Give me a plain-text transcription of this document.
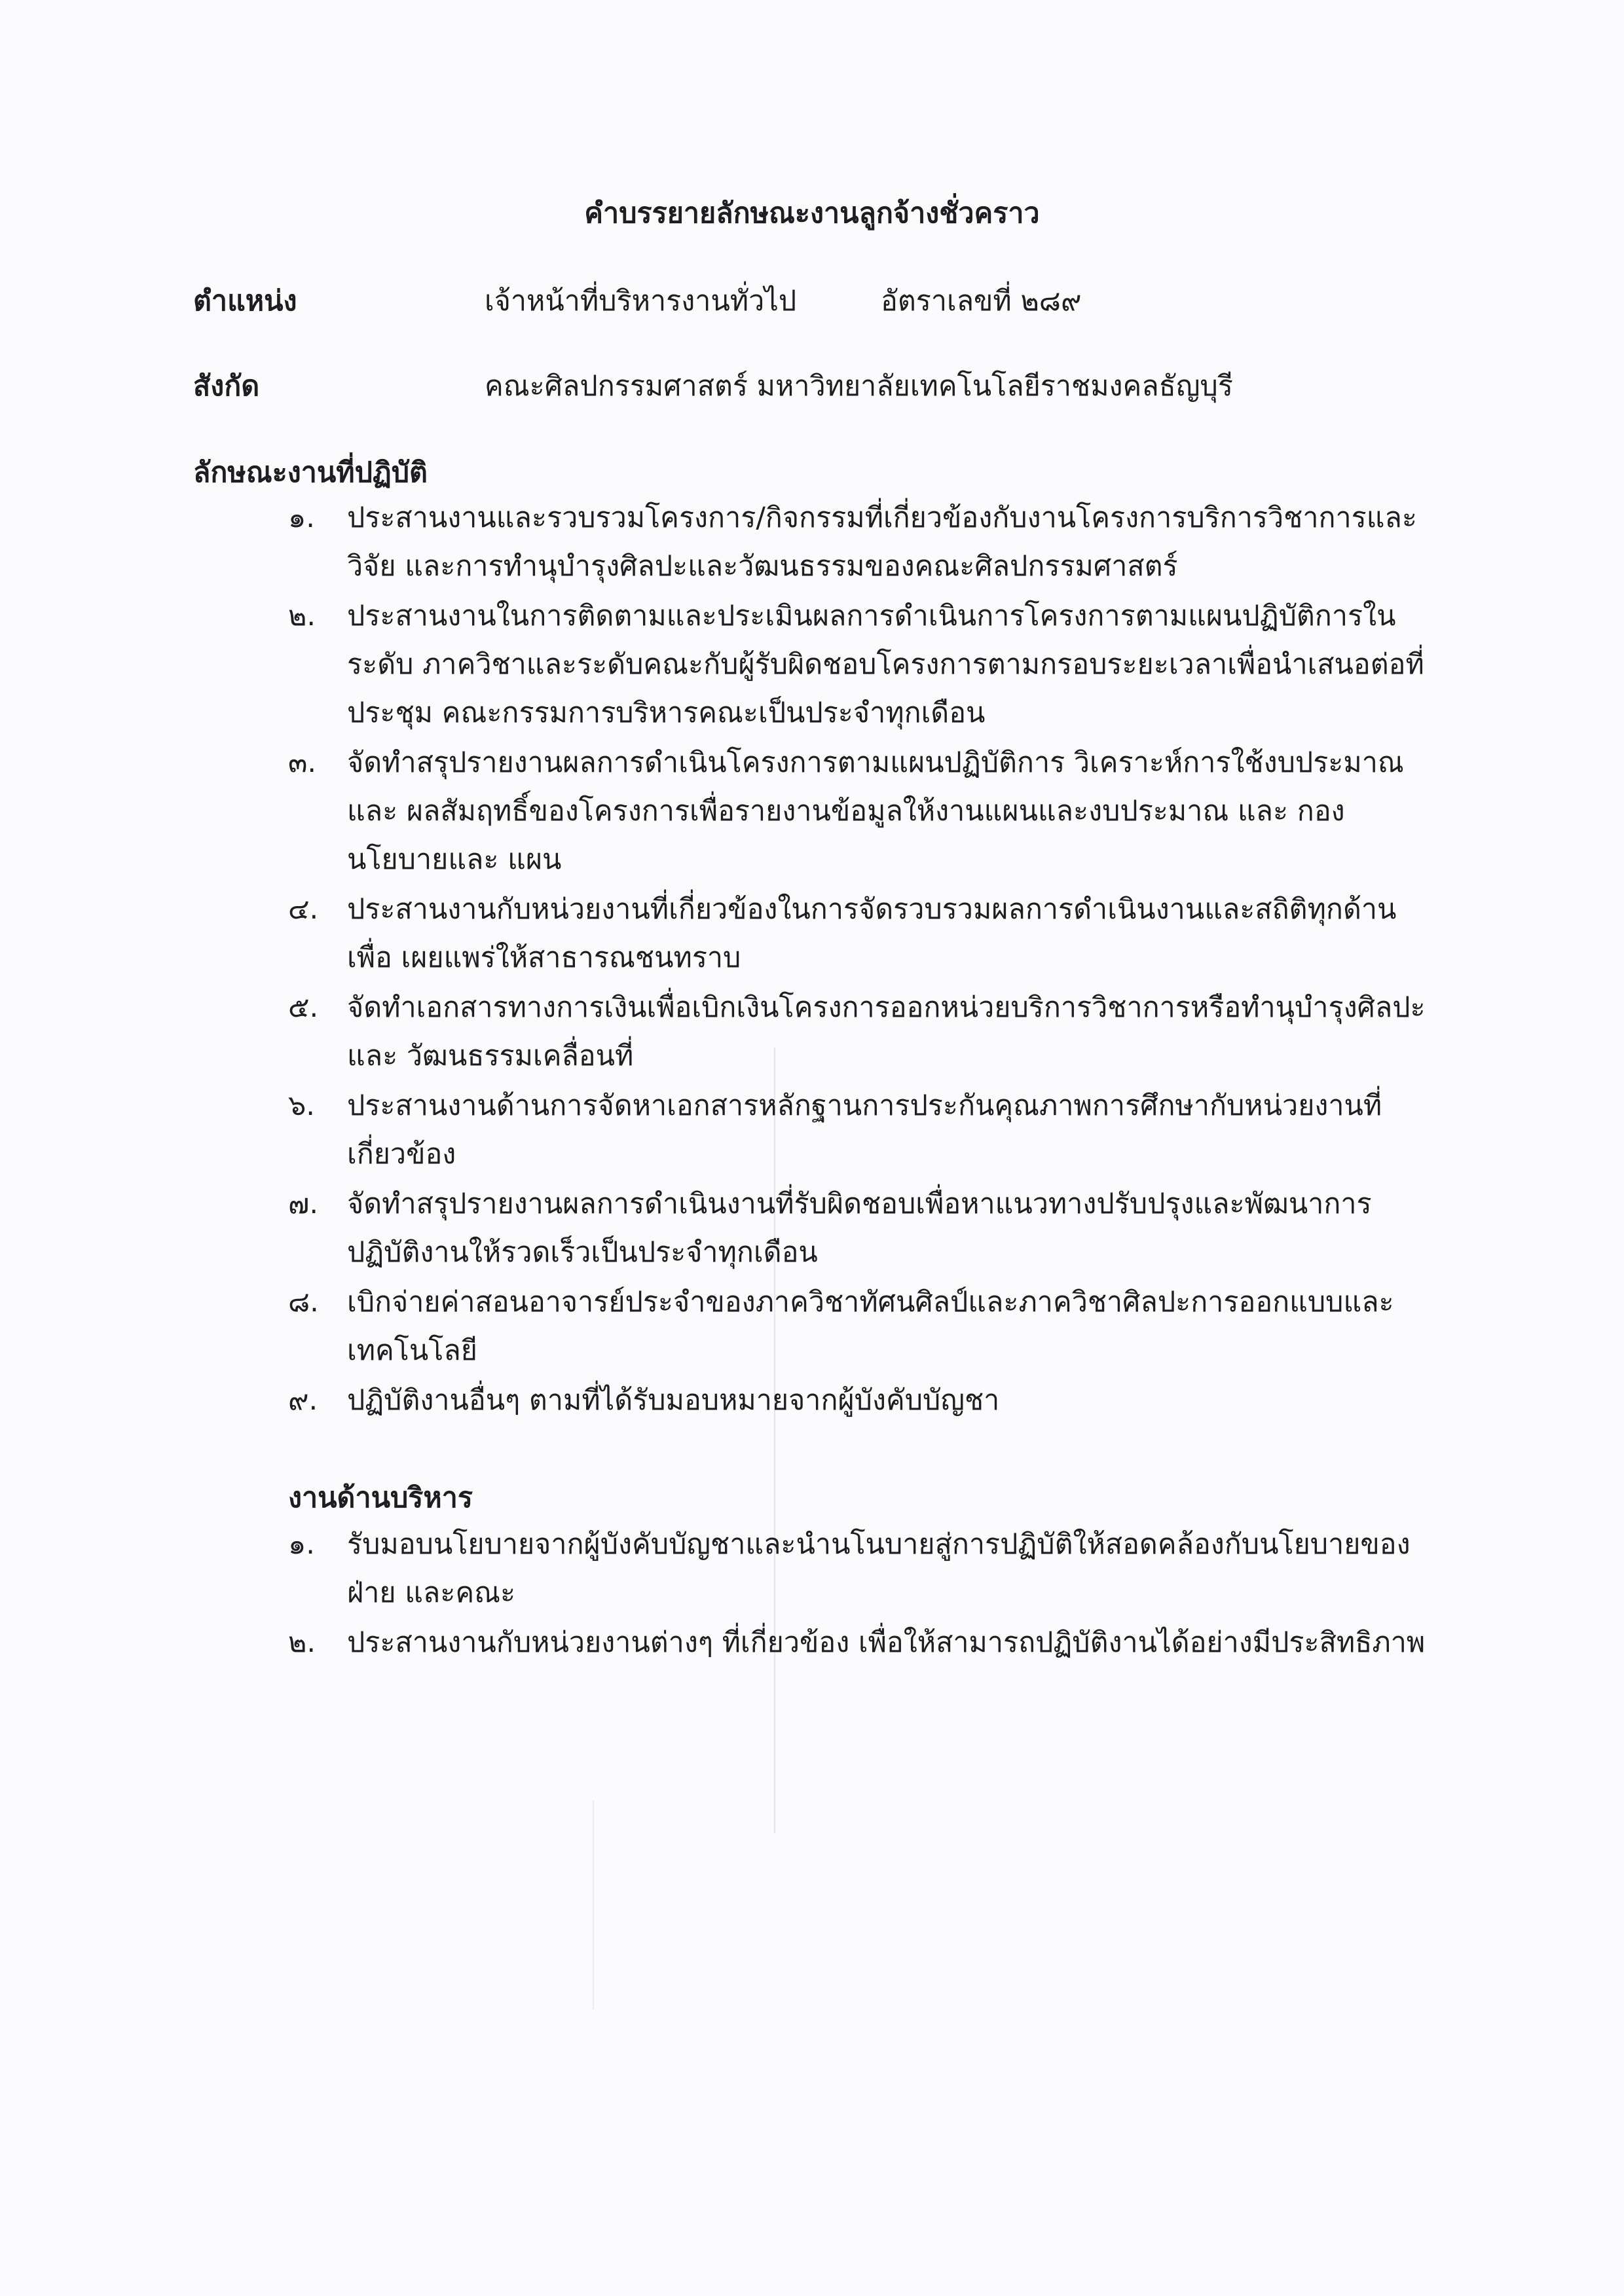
คำบรรยายลักษณะงานลูกจ้างชั่วคราว
ตำแหน่ง	เจ้าหน้าที่บริหารงานทั่วไป	อัตราเลขที่ ๒๘๙
สังกัด	คณะศิลปกรรมศาสตร์ มหาวิทยาลัยเทคโนโลยีราชมงคลธัญบุรี
ลักษณะงานที่ปฏิบัติ
๑. ประสานงานและรวบรวมโครงการ/กิจกรรมที่เกี่ยวข้องกับงานโครงการบริการวิชาการและวิจัย และการทำนุบำรุงศิลปะและวัฒนธรรมของคณะศิลปกรรมศาสตร์
๒. ประสานงานในการติดตามและประเมินผลการดำเนินการโครงการตามแผนปฏิบัติการในระดับ ภาควิชาและระดับคณะกับผู้รับผิดชอบโครงการตามกรอบระยะเวลาเพื่อนำเสนอต่อที่ประชุม คณะกรรมการบริหารคณะเป็นประจำทุกเดือน
๓. จัดทำสรุปรายงานผลการดำเนินโครงการตามแผนปฏิบัติการ วิเคราะห์การใช้งบประมาณและ ผลสัมฤทธิ์ของโครงการเพื่อรายงานข้อมูลให้งานแผนและงบประมาณ และ กองนโยบายและ แผน
๔. ประสานงานกับหน่วยงานที่เกี่ยวข้องในการจัดรวบรวมผลการดำเนินงานและสถิติทุกด้านเพื่อ เผยแพร่ให้สาธารณชนทราบ
๕. จัดทำเอกสารทางการเงินเพื่อเบิกเงินโครงการออกหน่วยบริการวิชาการหรือทำนุบำรุงศิลปะและ วัฒนธรรมเคลื่อนที่
๖. ประสานงานด้านการจัดหาเอกสารหลักฐานการประกันคุณภาพการศึกษากับหน่วยงานที่ เกี่ยวข้อง
๗. จัดทำสรุปรายงานผลการดำเนินงานที่รับผิดชอบเพื่อหาแนวทางปรับปรุงและพัฒนาการ ปฏิบัติงานให้รวดเร็วเป็นประจำทุกเดือน
๘. เบิกจ่ายค่าสอนอาจารย์ประจำของภาควิชาทัศนศิลป์และภาควิชาศิลปะการออกแบบและ เทคโนโลยี
๙. ปฏิบัติงานอื่นๆ ตามที่ได้รับมอบหมายจากผู้บังคับบัญชา
งานด้านบริหาร
๑. รับมอบนโยบายจากผู้บังคับบัญชาและนำนโนบายสู่การปฏิบัติให้สอดคล้องกับนโยบายของฝ่าย และคณะ
๒. ประสานงานกับหน่วยงานต่างๆ ที่เกี่ยวข้อง เพื่อให้สามารถปฏิบัติงานได้อย่างมีประสิทธิภาพ
